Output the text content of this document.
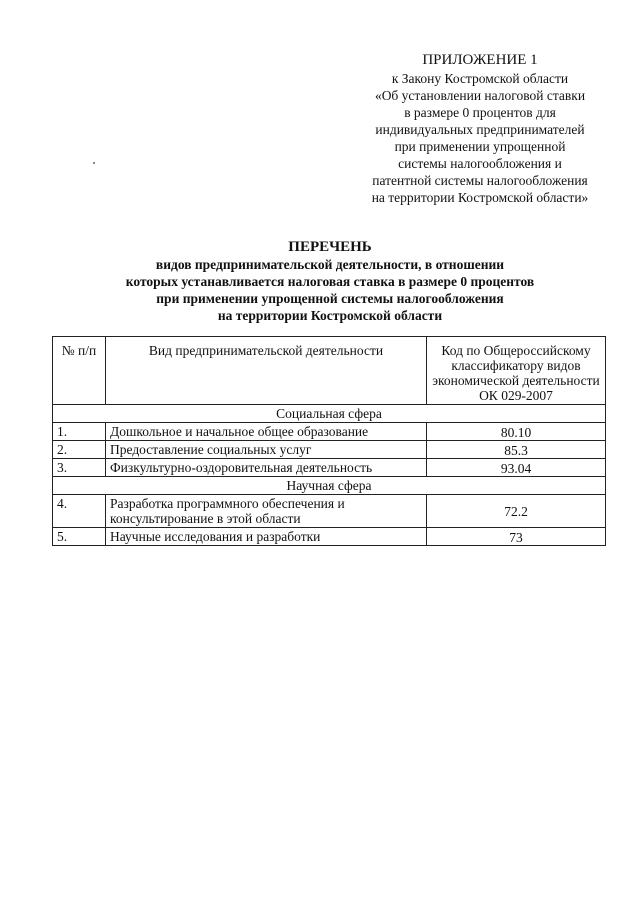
ПРИЛОЖЕНИЕ 1
к Закону Костромской области
«Об установлении налоговой ставки
в размере 0 процентов для
индивидуальных предпринимателей
при применении упрощенной
системы налогообложения и
патентной системы налогообложения
на территории Костромской области»
ПЕРЕЧЕНЬ
видов предпринимательской деятельности, в отношении
которых устанавливается налоговая ставка в размере 0 процентов
при применении упрощенной системы налогообложения
на территории Костромской области
№ п/п	Вид предпринимательской деятельности	Код по Общероссийскому классификатору видов экономической деятельности ОК 029-2007
Социальная сфера		
1.	Дошкольное и начальное общее образование	80.10
2.	Предоставление социальных услуг	85.3
3.	Физкультурно-оздоровительная деятельность	93.04
Научная сфера		
4.	Разработка программного обеспечения и консультирование в этой области	72.2
5.	Научные исследования и разработки	73
